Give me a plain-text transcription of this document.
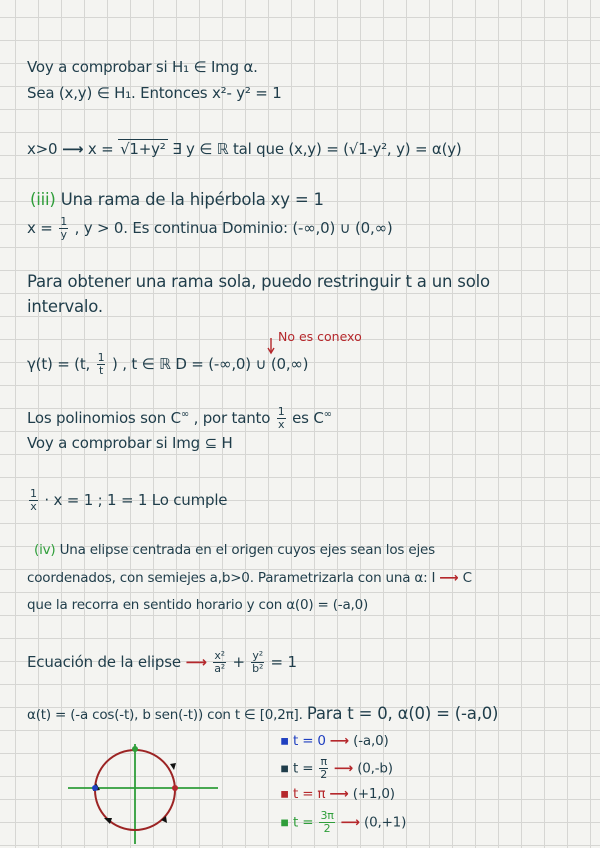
Voy a comprobar si H₁ ∈ Img α.
Sea (x,y) ∈ H₁. Entonces x²- y² = 1
x>0 ⟶ x = √1+y² ∃ y ∈ ℝ tal que (x,y) = (√1-y², y) = α(y)
(iii) Una rama de la hipérbola xy = 1
$x = \frac{1}{y}$ , y > 0. Es continua Dominio: (-∞,0) ∪ (0,∞)
Para obtener una rama sola, puedo restringuir t a un solo
intervalo.
No es conexo
γ(t) = (t, $\frac{1}{t}$ ) , t ∈ ℝ D = (-∞,0) ∪ (0,∞)
Los polinomios son C∞ , por tanto $\frac{1}{x}$ es C∞
Voy a comprobar si Img ⊆ H
$\frac{1}{x} \cdot x = 1$ ; 1 = 1 Lo cumple
(iv) Una elipse centrada en el origen cuyos ejes sean los ejes
coordenados, con semiejes a,b>0. Parametrizarla con una α: I ⟶ C
que la recorra en sentido horario y con α(0) = (-a,0)
Ecuación de la elipse ⟶ $\frac{\text{x²}}{\text{a²}} + \frac{\text{y²}}{\text{b²}} = 1$
α(t) = (-a cos(-t), b sen(-t)) con t ∈ [0,2π]. Para t = 0, α(0) = (-a,0)
▪ t = 0 ⟶ (-a,0)
▪ $t = \frac{\pi}{2}$ ⟶ (0,-b)
▪ t = π ⟶ (+1,0)
▪ $t = \frac{3\pi}{2}$ ⟶ (0,+1)
